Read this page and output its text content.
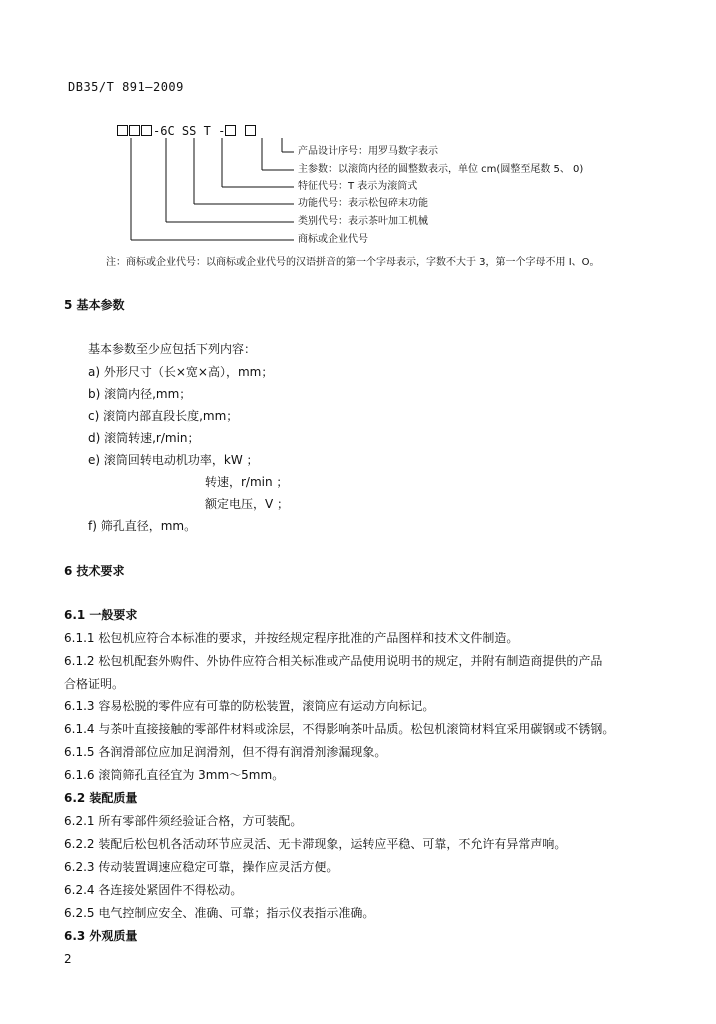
DB35/T 891—2009
-6C SS T -
产品设计序号：用罗马数字表示
主参数：以滚筒内径的圆整数表示，单位 cm(圆整至尾数 5、 0)
特征代号：T 表示为滚筒式
功能代号：表示松包碎末功能
类别代号：表示茶叶加工机械
商标或企业代号
注：商标或企业代号：以商标或企业代号的汉语拼音的第一个字母表示，字数不大于 3，第一个字母不用 I、O。
5 基本参数
基本参数至少应包括下列内容：
a) 外形尺寸（长×宽×高），mm；
b) 滚筒内径,mm；
c) 滚筒内部直段长度,mm；
d) 滚筒转速,r/min；
e) 滚筒回转电动机功率，kW ；
转速，r/min ；
额定电压，V ；
f) 筛孔直径，mm。
6 技术要求
6.1 一般要求
6.1.1 松包机应符合本标准的要求，并按经规定程序批准的产品图样和技术文件制造。
6.1.2 松包机配套外购件、外协件应符合相关标准或产品使用说明书的规定，并附有制造商提供的产品
合格证明。
6.1.3 容易松脱的零件应有可靠的防松装置，滚筒应有运动方向标记。
6.1.4 与茶叶直接接触的零部件材料或涂层，不得影响茶叶品质。松包机滚筒材料宜采用碳钢或不锈钢。
6.1.5 各润滑部位应加足润滑剂，但不得有润滑剂渗漏现象。
6.1.6 滚筒筛孔直径宜为 3mm～5mm。
6.2 装配质量
6.2.1 所有零部件须经验证合格，方可装配。
6.2.2 装配后松包机各活动环节应灵活、无卡滞现象，运转应平稳、可靠，不允许有异常声响。
6.2.3 传动装置调速应稳定可靠，操作应灵活方便。
6.2.4 各连接处紧固件不得松动。
6.2.5 电气控制应安全、准确、可靠；指示仪表指示准确。
6.3 外观质量
2
